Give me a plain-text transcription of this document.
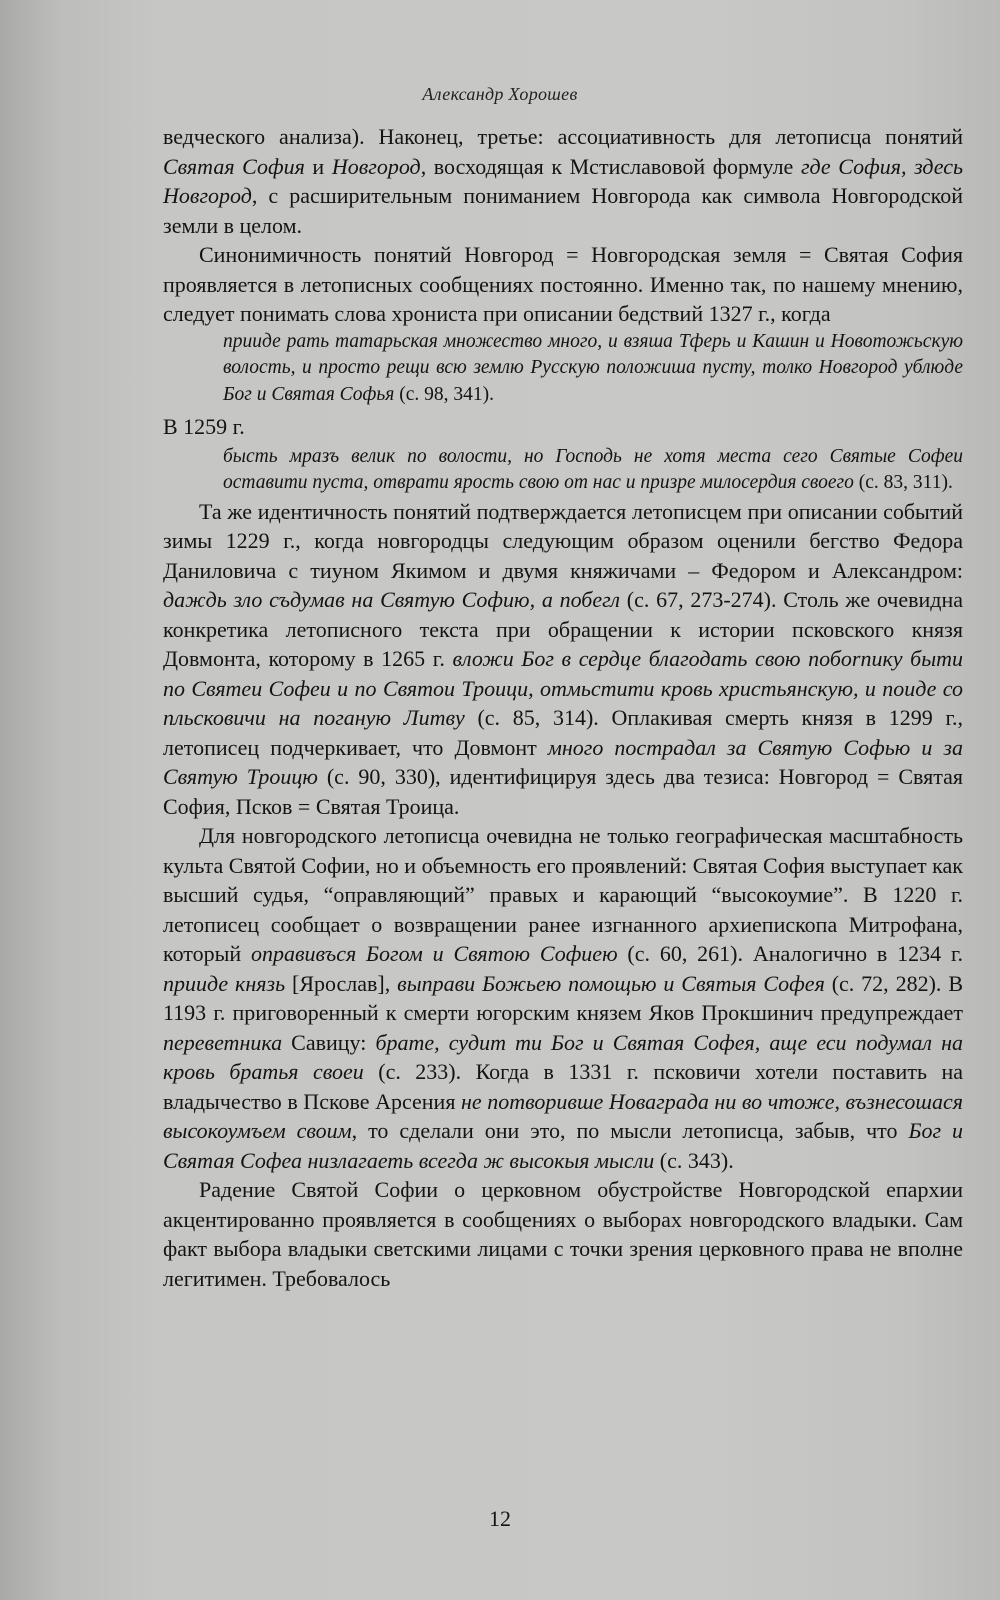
Александр Хорошев

ведческого анализа). Наконец, третье: ассоциативность для летописца понятий Святая София и Новгород, восходящая к Мстиславовой формуле где София, здесь Новгород, с расширительным пониманием Новгорода как символа Новгородской земли в целом.

Синонимичность понятий Новгород = Новгородская земля = Святая София проявляется в летописных сообщениях постоянно. Именно так, по нашему мнению, следует понимать слова хрониста при описании бедствий 1327 г., когда

прииде рать татарьская множество много, и взяша Тферь и Кашин и Новотожьскую волость, и просто рещи всю землю Русскую положиша пусту, толко Новгород ублюде Бог и Святая Софья (с. 98, 341).

В 1259 г.

бысть мразъ велик по волости, но Господь не хотя места сего Святые Софеи оставити пуста, отврати ярость свою от нас и призре милосердия своего (с. 83, 311).

Та же идентичность понятий подтверждается летописцем при описании событий зимы 1229 г., когда новгородцы следующим образом оценили бегство Федора Даниловича с тиуном Якимом и двумя княжичами – Федором и Александром: даждь зло съдумав на Святую Софию, а побегл (с. 67, 273-274). Столь же очевидна конкретика летописного текста при обращении к истории псковского князя Довмонта, которому в 1265 г. вложи Бог в сердце благодать свою побornику быти по Святеи Софеи и по Святои Троици, отмьстити кровь христьянскую, и поиде со пльсковичи на поганую Литву (с. 85, 314). Оплакивая смерть князя в 1299 г., летописец подчеркивает, что Довмонт много пострадал за Святую Софью и за Святую Троицю (с. 90, 330), идентифицируя здесь два тезиса: Новгород = Святая София, Псков = Святая Троица.

Для новгородского летописца очевидна не только географическая масштабность культа Святой Софии, но и объемность его проявлений: Святая София выступает как высший судья, “оправляющий” правых и карающий “высокоумие”. В 1220 г. летописец сообщает о возвращении ранее изгнанного архиепископа Митрофана, который оправивъся Богом и Святою Софиею (с. 60, 261). Аналогично в 1234 г. прииде князь [Ярослав], выправи Божьею помощью и Святыя Софея (с. 72, 282). В 1193 г. приговоренный к смерти югорским князем Яков Прокшинич предупреждает переветника Савицу: брате, судит ти Бог и Святая Софея, аще еси подумал на кровь братья своеи (с. 233). Когда в 1331 г. псковичи хотели поставить на владычество в Пскове Арсения не потворивше Новаграда ни во чтоже, възнесошася высокоумъем своим, то сделали они это, по мысли летописца, забыв, что Бог и Святая Софеа низлагаеть всегда ж высокыя мысли (с. 343).

Радение Святой Софии о церковном обустройстве Новгородской епархии акцентированно проявляется в сообщениях о выборах новгородского владыки. Сам факт выбора владыки светскими лицами с точки зрения церковного права не вполне легитимен. Требовалось

12
